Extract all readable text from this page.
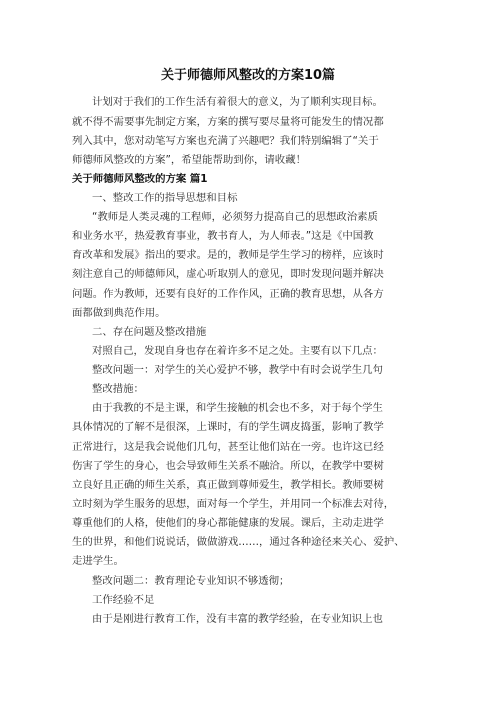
关于师德师风整改的方案10篇
计划对于我们的工作生活有着很大的意义，为了顺利实现目标。
就不得不需要事先制定方案，方案的撰写要尽量将可能发生的情况都
列入其中，您对动笔写方案也充满了兴趣吧？我们特别编辑了“关于
师德师风整改的方案”，希望能帮助到你，请收藏！
关于师德师风整改的方案 篇1
一、整改工作的指导思想和目标
“教师是人类灵魂的工程师，必须努力提高自己的思想政治素质
和业务水平，热爱教育事业，教书育人，为人师表。”这是《中国教
育改革和发展》指出的要求。是的，教师是学生学习的榜样，应该时
刻注意自己的师德师风，虚心听取别人的意见，即时发现问题并解决
问题。作为教师，还要有良好的工作作风，正确的教育思想，从各方
面都做到典范作用。
二、存在问题及整改措施
对照自己，发现自身也存在着许多不足之处。主要有以下几点：
整改问题一：对学生的关心爱护不够，教学中有时会说学生几句
整改措施：
由于我教的不是主课，和学生接触的机会也不多，对于每个学生
具体情况的了解不是很深，上课时，有的学生调皮捣蛋，影响了教学
正常进行，这是我会说他们几句，甚至让他们站在一旁。也许这已经
伤害了学生的身心，也会导致师生关系不融洽。所以，在教学中要树
立良好且正确的师生关系，真正做到尊师爱生，教学相长。教师要树
立时刻为学生服务的思想，面对每一个学生，并用同一个标准去对待，
尊重他们的人格，使他们的身心都能健康的发展。课后，主动走进学
生的世界，和他们说说话，做做游戏……，通过各种途径来关心、爱护、
走进学生。
整改问题二：教育理论专业知识不够透彻；
工作经验不足
由于是刚进行教育工作，没有丰富的教学经验，在专业知识上也
